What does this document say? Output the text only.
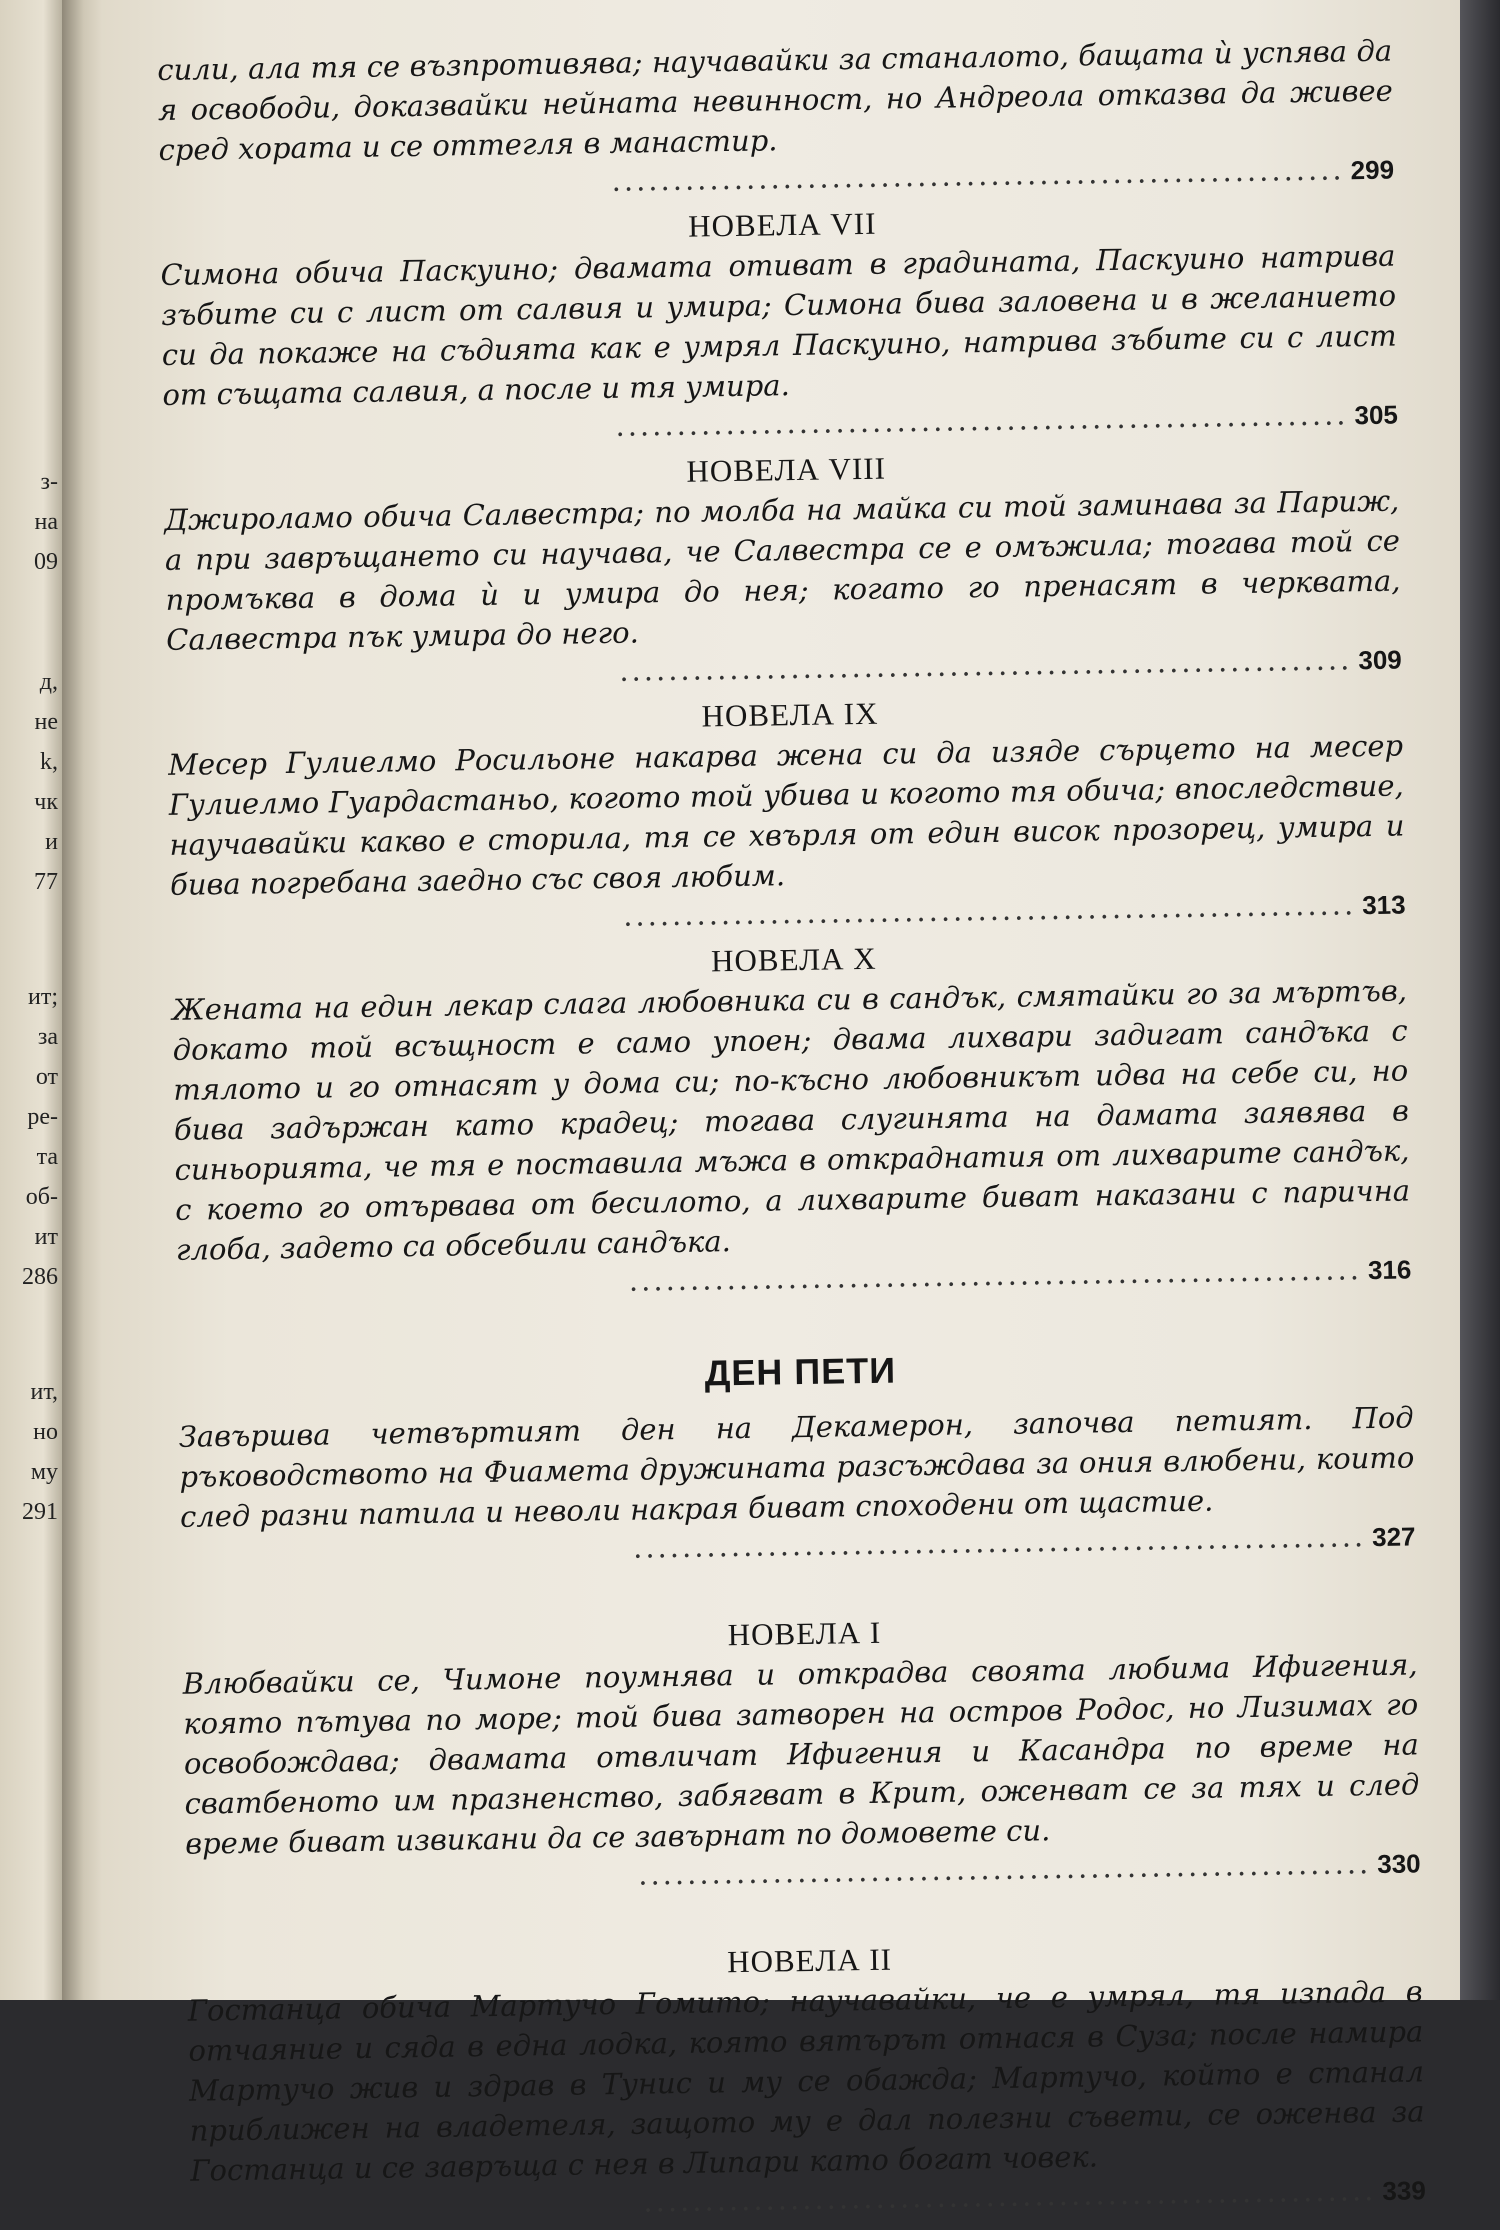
з-
на
09
д,
не
k,
чк
и
77
ит;
за
от
ре-
та
об-
ит
286
ит,
но
му
291
сили, ала тя се възпротивява; научавайки за станалото, бащата ѝ успява да я освободи, доказвайки нейната невинност, но Андреола отказва да живее сред хората и се оттегля в манастир.
............................................................ 299
НОВЕЛА VII
Симона обича Паскуино; двамата отиват в градината, Паскуино натрива зъбите си с лист от салвия и умира; Симона бива заловена и в желанието си да покаже на съдията как е умрял Паскуино, натрива зъбите си с лист от същата салвия, а после и тя умира.
............................................................ 305
НОВЕЛА VIII
Джироламо обича Салвестра; по молба на майка си той заминава за Париж, а при завръщането си научава, че Салвестра се е омъжила; тогава той се промъква в дома ѝ и умира до нея; когато го пренасят в черквата, Салвестра пък умира до него.
............................................................ 309
НОВЕЛА IX
Месер Гулиелмо Росильоне накарва жена си да изяде сърцето на месер Гулиелмо Гуардастаньо, когото той убива и когото тя обича; впоследствие, научавайки какво е сторила, тя се хвърля от един висок прозорец, умира и бива погребана заедно със своя любим.
............................................................ 313
НОВЕЛА X
Жената на един лекар слага любовника си в сандък, смятайки го за мъртъв, докато той всъщност е само упоен; двама лихвари задигат сандъка с тялото и го отнасят у дома си; по-късно любовникът идва на себе си, но бива задържан като крадец; тогава слугинята на дамата заявява в синьорията, че тя е поставила мъжа в откраднатия от лихварите сандък, с което го отървава от бесилото, а лихварите биват наказани с парична глоба, задето са обсебили сандъка.
............................................................ 316
ДЕН ПЕТИ
Завършва четвъртият ден на Декамерон, започва петият. Под ръководството на Фиамета дружината разсъждава за ония влюбени, които след разни патила и неволи накрая биват споходени от щастие.
............................................................ 327
НОВЕЛА I
Влюбвайки се, Чимоне поумнява и открадва своята любима Ифигения, която пътува по море; той бива затворен на остров Родос, но Лизимах го освобождава; двамата отвличат Ифигения и Касандра по време на сватбеното им празненство, забягват в Крит, оженват се за тях и след време биват извикани да се завърнат по домовете си.
............................................................ 330
НОВЕЛА II
Гостанца обича Мартучо Гомито; научавайки, че е умрял, тя изпада в отчаяние и сяда в една лодка, която вятърът отнася в Суза; после намира Мартучо жив и здрав в Тунис и му се обажда; Мартучо, който е станал приближен на владетеля, защото му е дал полезни съвети, се оженва за Гостанца и се завръща с нея в Липари като богат човек.
............................................................ 339
